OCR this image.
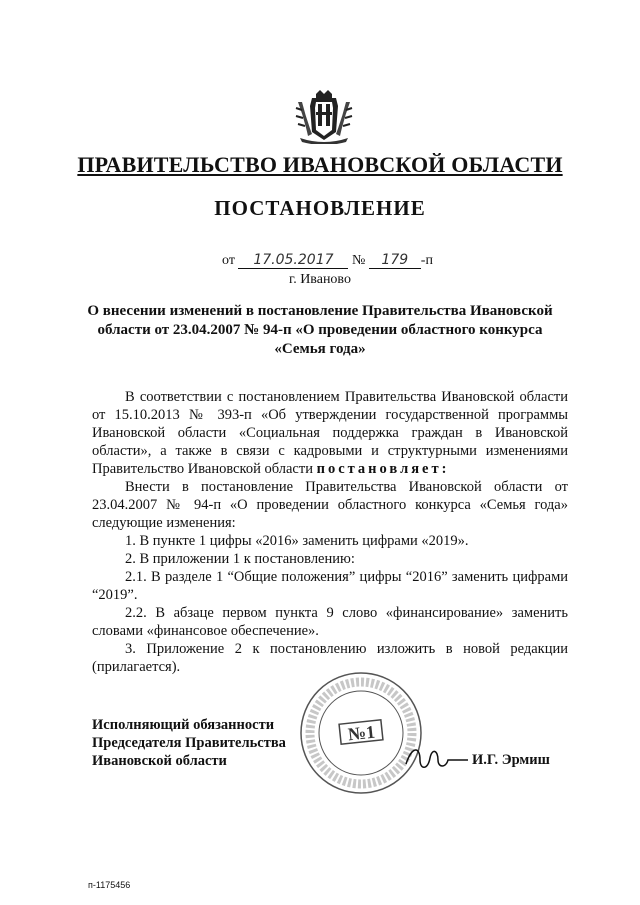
ПРАВИТЕЛЬСТВО ИВАНОВСКОЙ ОБЛАСТИ
ПОСТАНОВЛЕНИЕ
от 17.05.2017 № 179 -п
г. Иваново
О внесении изменений в постановление Правительства Ивановской области от 23.04.2007 № 94-п «О проведении областного конкурса «Семья года»

В соответствии с постановлением Правительства Ивановской области от 15.10.2013 № 393-п «Об утверждении государственной программы Ивановской области «Социальная поддержка граждан в Ивановской области», а также в связи с кадровыми и структурными изменениями Правительство Ивановской области постановляет:

Внести в постановление Правительства Ивановской области от 23.04.2007 № 94-п «О проведении областного конкурса «Семья года» следующие изменения:

1. В пункте 1 цифры «2016» заменить цифрами «2019».

2. В приложении 1 к постановлению:

2.1. В разделе 1 “Общие положения” цифры “2016” заменить цифрами “2019”.

2.2. В абзаце первом пункта 9 слово «финансирование» заменить словами «финансовое обеспечение».

3. Приложение 2 к постановлению изложить в новой редакции (прилагается).

№1
Исполняющий обязанности
Председателя Правительства
Ивановской области	И.Г. Эрмиш
п-1175456
